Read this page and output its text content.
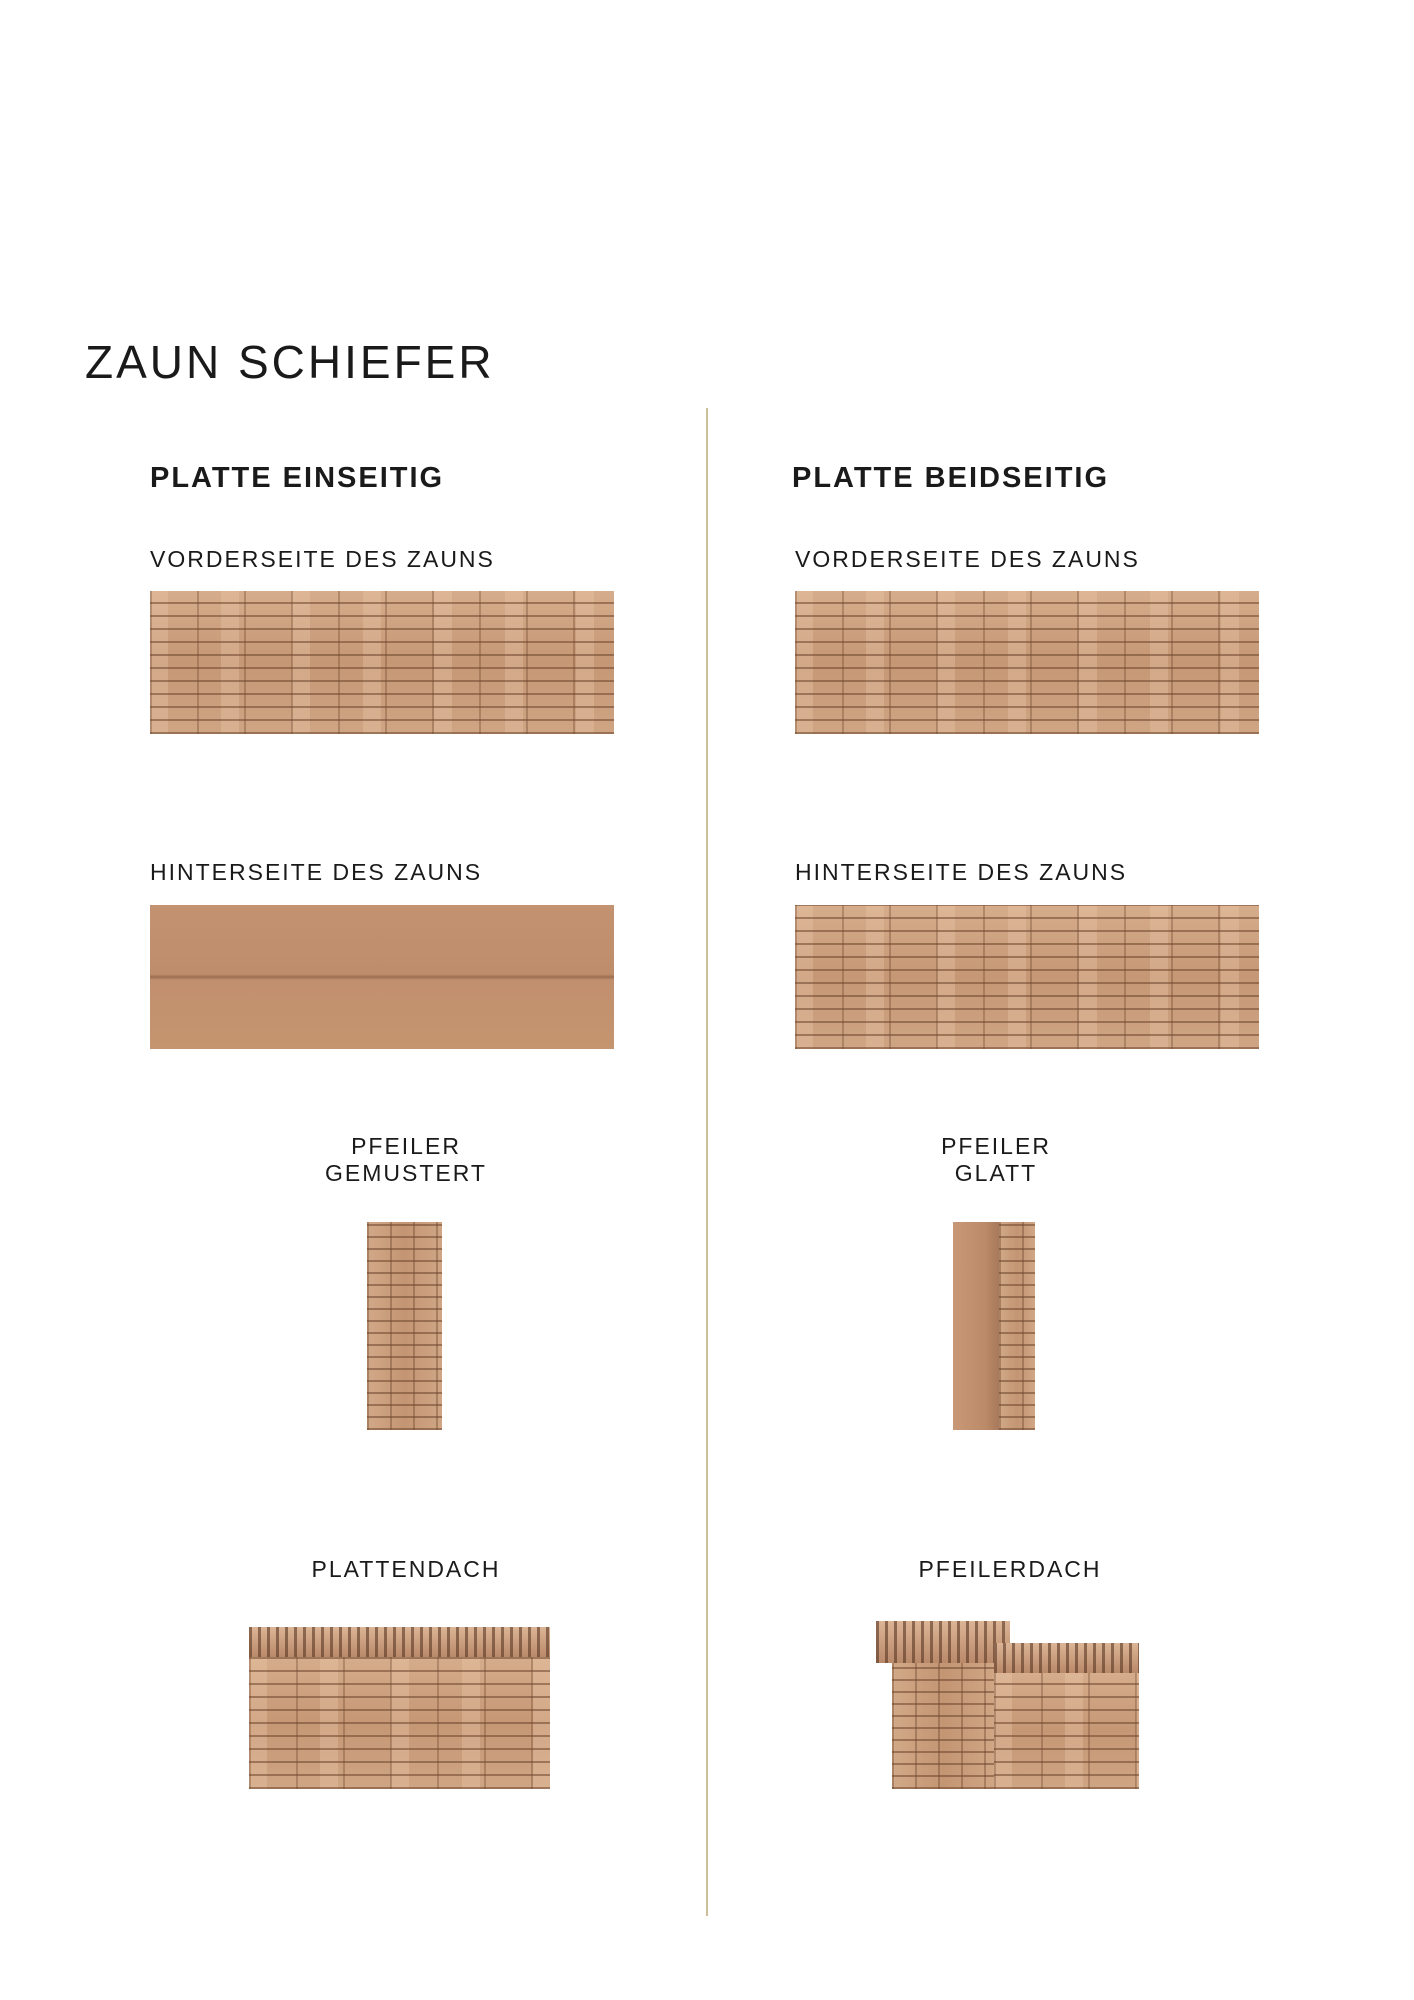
ZAUN SCHIEFER
PLATTE EINSEITIG
VORDERSEITE DES ZAUNS
HINTERSEITE DES ZAUNS
PFEILER
GEMUSTERT
PLATTENDACH
PLATTE BEIDSEITIG
VORDERSEITE DES ZAUNS
HINTERSEITE DES ZAUNS
PFEILER
GLATT
PFEILERDACH
